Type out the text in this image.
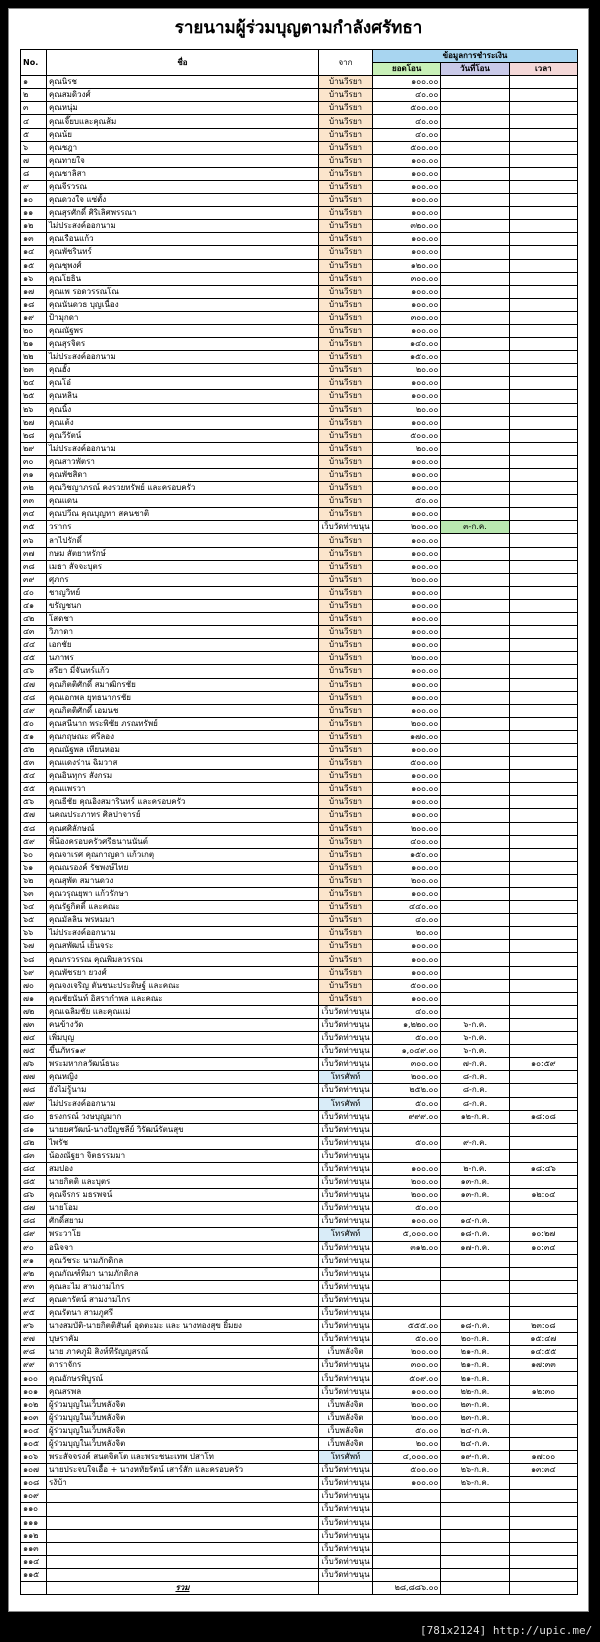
รายนามผู้ร่วมบุญตามกำลังศรัทธา
No.	ชื่อ	จาก	ข้อมูลการชำระเงิน		
			ยอดโอน	วันที่โอน	เวลา
๑	คุณนิรช	บ้านวีรยา	๑๐๐.๐๐		
๒	คุณสมดิวงศ์	บ้านวีรยา	๔๐.๐๐		
๓	คุณหนุ่ม	บ้านวีรยา	๕๐๐.๐๐		
๔	คุณเจี๊ยบและคุณส้ม	บ้านวีรยา	๔๐.๐๐		
๕	คุณน้ย	บ้านวีรยา	๔๐.๐๐		
๖	คุณชฎา	บ้านวีรยา	๕๐๐.๐๐		
๗	คุณทายใจ	บ้านวีรยา	๑๐๐.๐๐		
๘	คุณชาลิสา	บ้านวีรยา	๑๐๐.๐๐		
๙	คุณจีรวรณ	บ้านวีรยา	๑๐๐.๐๐		
๑๐	คุณดวงใจ แซ่ตั้ง	บ้านวีรยา	๑๐๐.๐๐		
๑๑	คุณสุรศักดิ์ ศิริเลิศพรรณา	บ้านวีรยา	๑๐๐.๐๐		
๑๒	ไม่ประสงค์ออกนาม	บ้านวีรยา	๓๒๐.๐๐		
๑๓	คุณเรือนแก้ว	บ้านวีรยา	๑๐๐.๐๐		
๑๔	คุณพัชรินทร์	บ้านวีรยา	๑๐๐.๐๐		
๑๕	คุณชุพงศ์	บ้านวีรยา	๑๒๐.๐๐		
๑๖	คุณโยธิน	บ้านวีรยา	๓๐๐.๐๐		
๑๗	คุณเพ รอดวรรณโณ	บ้านวีรยา	๑๐๐.๐๐		
๑๘	คุณนันดวธ บุญเนื่อง	บ้านวีรยา	๑๐๐.๐๐		
๑๙	ป้ามุกดา	บ้านวีรยา	๓๐๐.๐๐		
๒๐	คุณณัฐพร	บ้านวีรยา	๑๐๐.๐๐		
๒๑	คุณสุรจิตร	บ้านวีรยา	๑๔๐.๐๐		
๒๒	ไม่ประสงค์ออกนาม	บ้านวีรยา	๑๕๐.๐๐		
๒๓	คุณฮั้ง	บ้านวีรยา	๒๐.๐๐		
๒๔	คุณโอ๋	บ้านวีรยา	๑๐๐.๐๐		
๒๕	คุณหลิน	บ้านวีรยา	๑๐๐.๐๐		
๒๖	คุณนิ้ง	บ้านวีรยา	๒๐.๐๐		
๒๗	คุณเต้ง	บ้านวีรยา	๑๐๐.๐๐		
๒๘	คุณวีรัตน์	บ้านวีรยา	๕๐๐.๐๐		
๒๙	ไม่ประสงค์ออกนาม	บ้านวีรยา	๒๐.๐๐		
๓๐	คุณสาวพัตรา	บ้านวีรยา	๑๐๐.๐๐		
๓๑	คุณพัชสิดา	บ้านวีรยา	๑๐๐.๐๐		
๓๒	คุณวิชญาภรณ์ คงรวยทรัพย์ และครอบครัว	บ้านวีรยา	๑๐๐.๐๐		
๓๓	คุณแดน	บ้านวีรยา	๕๐.๐๐		
๓๔	คุณปวีณ คุณบุญทา สคนชาติ	บ้านวีรยา	๑๐๐.๐๐		
๓๕	วรากร	เว็บวัดท่าขนุน	๒๐๐.๐๐	๓-ก.ค.	
๓๖	ลาไปรักดิ์	บ้านวีรยา	๑๐๐.๐๐		
๓๗	กษม สัตยาหรักษ์	บ้านวีรยา	๑๐๐.๐๐		
๓๘	เมธา สัจจะบุตร	บ้านวีรยา	๑๐๐.๐๐		
๓๙	ศุภกร	บ้านวีรยา	๒๐๐.๐๐		
๔๐	ชาญวิทย์	บ้านวีรยา	๑๐๐.๐๐		
๔๑	ขรัญชนก	บ้านวีรยา	๑๐๐.๐๐		
๔๒	โสดชา	บ้านวีรยา	๑๐๐.๐๐		
๔๓	วิภาดา	บ้านวีรยา	๑๐๐.๐๐		
๔๔	เอกชัย	บ้านวีรยา	๑๐๐.๐๐		
๔๕	นภาพร	บ้านวีรยา	๒๐๐.๐๐		
๔๖	สรียา มี่จันทร์แก้ว	บ้านวีรยา	๑๐๐.๐๐		
๔๗	คุณกิตติศักดิ์ สมาฒิกรชัย	บ้านวีรยา	๑๐๐.๐๐		
๔๘	คุณเอกพล ยุทธนากรชัย	บ้านวีรยา	๑๐๐.๐๐		
๔๙	คุณกิตติศักดิ์ เอมนช	บ้านวีรยา	๑๐๐.๐๐		
๕๐	คุณสนีนาก พระพิชัย ภรณทรัพย์	บ้านวีรยา	๒๐๐.๐๐		
๕๑	คุณกฤษณะ ศรีลอง	บ้านวีรยา	๑๗๐.๐๐		
๕๒	คุณณัฐพล เทียนหอม	บ้านวีรยา	๑๐๐.๐๐		
๕๓	คุณแดงร่าน ฉิมวาส	บ้านวีรยา	๕๐๐.๐๐		
๕๔	คุณอินทุกร สังกรม	บ้านวีรยา	๑๐๐.๐๐		
๕๕	คุณแพรวา	บ้านวีรยา	๑๐๐.๐๐		
๕๖	คุณธีชัย คุณอิงสมารินทร์ และครอบครัว	บ้านวีรยา	๑๐๐.๐๐		
๕๗	นคณประภาทร ศิลปาจารย์	บ้านวีรยา	๑๐๐.๐๐		
๕๘	คุณศศิลักษณ์	บ้านวีรยา	๒๐๐.๐๐		
๕๙	พี่น้องครอบครัวศรีธนานนันต์	บ้านวีรยา	๔๐๐.๐๐		
๖๐	คุณจาเรศ คุณกาญดา แก้วเกตุ	บ้านวีรยา	๑๕๐.๐๐		
๖๑	คุณณรองค์ รัชพงษ์ไทย	บ้านวีรยา	๑๐๐.๐๐		
๖๒	คุณสุพัต สมานดวง	บ้านวีรยา	๒๐๐.๐๐		
๖๓	คุณวรุณยุพา แก้วรักษา	บ้านวีรยา	๑๐๐.๐๐		
๖๔	คุณรัฐกิตติ์ และคณะ	บ้านวีรยา	๔๔๐.๐๐		
๖๕	คุณมัลลิน พรหมมา	บ้านวีรยา	๔๐.๐๐		
๖๖	ไม่ประสงค์ออกนาม	บ้านวีรยา	๒๐.๐๐		
๖๗	คุณสพัฒน์ เย็นจระ	บ้านวีรยา	๑๐๐.๐๐		
๖๘	คุณกรวรรณ คุณพิมลวรรณ	บ้านวีรยา	๑๐๐.๐๐		
๖๙	คุณพัชรยา ยวงศ์	บ้านวีรยา	๑๐๐.๐๐		
๗๐	คุณจงเจริญ ตันชนะประดิษฐ์ และคณะ	บ้านวีรยา	๕๐๐.๐๐		
๗๑	คุณชัยนันท์ อิสรากำพล และคณะ	บ้านวีรยา	๑๐๐.๐๐		
๗๒	คุณเฉลิมชัย และคุณแม่	เว็บวัดท่าขนุน	๔๐.๐๐		
๗๓	คนข้างวัด	เว็บวัดท่าขนุน	๑,๒๒๐.๐๐	๖-ก.ค.	
๗๔	เพิ่มบุญ	เว็บวัดท่าขนุน	๕๐.๐๐	๖-ก.ค.	
๗๕	ขึ้นภัทร๑๙	เว็บวัดท่าขนุน	๑,๐๔๙.๐๐	๖-ก.ค.	
๗๖	พระมหากลวัฒน์ธนะ	เว็บวัดท่าขนุน	๓๐๐.๐๐	๗-ก.ค.	๑๐:๕๙
๗๗	คุณหญิง	โทรศัพท์	๒๐๐.๐๐	๘-ก.ค.	
๗๘	ยังไม่รู้นาม	เว็บวัดท่าขนุน	๒๕๒.๐๐	๘-ก.ค.	
๗๙	ไม่ประสงค์ออกนาม	โทรศัพท์	๕๐.๐๐	๘-ก.ค.	
๘๐	ธรงกรณ์ วงษบุญมาก	เว็บวัดท่าขนุน	๙๙๙.๐๐	๑๒-ก.ค.	๑๘:๐๘
๘๑	นายยศวัฒน์-นางปัญชลีย์ วิรัฒน์รัตนสุข	เว็บวัดท่าขนุน			
๘๒	ไพรัช	เว็บวัดท่าขนุน	๕๐.๐๐	๙-ก.ค.	
๘๓	น้องณัฐยา จิตธรรมมา	เว็บวัดท่าขนุน			
๘๔	สมปอง	เว็บวัดท่าขนุน	๑๐๐.๐๐	๒-ก.ค.	๑๘:๔๖
๘๕	นายกิตติ และบุตร	เว็บวัดท่าขนุน	๒๐๐.๐๐	๑๓-ก.ค.	
๘๖	คุณจีรกร มธรพจน์	เว็บวัดท่าขนุน	๒๐๐.๐๐	๑๓-ก.ค.	๑๒:๐๔
๘๗	นายโอม	เว็บวัดท่าขนุน	๕๐.๐๐		
๘๘	ศักดิ์สยาม	เว็บวัดท่าขนุน	๑๐๐.๐๐	๑๔-ก.ค.	
๘๙	พระวาโย	โทรศัพท์	๕,๐๐๐.๐๐	๑๘-ก.ค.	๑๐:๒๗
๙๐	อนิจจา	เว็บวัดท่าขนุน	๓๑๒.๐๐	๑๗-ก.ค.	๑๐:๓๔
๙๑	คุณวัชระ นามภักดิกล	เว็บวัดท่าขนุน			
๙๒	คุณกัณฑ์ทิมา นามภักดิกล	เว็บวัดท่าขนุน			
๙๓	คุณละไม สามงามไกร	เว็บวัดท่าขนุน			
๙๔	คุณดารัตน์ สามงามไกร	เว็บวัดท่าขนุน			
๙๕	คุณรัตนา สามภูศรี	เว็บวัดท่าขนุน			
๙๖	นางสมบัติ-นายกิตติสันต์ อุดตะมะ และ นางทองสุข ยิ้มยง	เว็บวัดท่าขนุน	๕๕๕.๐๐	๑๘-ก.ค.	๒๓:๐๘
๙๗	บุษราคัม	เว็บวัดท่าขนุน	๕๐.๐๐	๒๐-ก.ค.	๑๕:๔๗
๙๘	นาย ภาคภูมิ สิงห์ทีรัญญสรณ์	เว็บพลังจิต	๒๐๐.๐๐	๒๑-ก.ค.	๑๔:๕๕
๙๙	ดาราจักร	เว็บวัดท่าขนุน	๓๐๐.๐๐	๒๑-ก.ค.	๑๗:๓๓
๑๐๐	คุณอักษรพิบูรณ์	เว็บวัดท่าขนุน	๕๐๙.๐๐	๒๑-ก.ค.	
๑๐๑	คุณสรพล	เว็บวัดท่าขนุน	๑๐๐.๐๐	๒๒-ก.ค.	๑๒:๓๐
๑๐๒	ผู้ร่วมบุญในเว็บพลังจิต	เว็บพลังจิต	๒๐๐.๐๐	๒๓-ก.ค.	
๑๐๓	ผู้ร่วมบุญในเว็บพลังจิต	เว็บพลังจิต	๒๐๐.๐๐	๒๓-ก.ค.	
๑๐๔	ผู้ร่วมบุญในเว็บพลังจิต	เว็บพลังจิต	๕๐.๐๐	๒๔-ก.ค.	
๑๐๕	ผู้ร่วมบุญในเว็บพลังจิต	เว็บพลังจิต	๒๐.๐๐	๒๔-ก.ค.	
๑๐๖	พระสัจจรงค์ สนตจิตโต และพระชนะเทพ ปสาโท	โทรศัพท์	๔,๐๐๐.๐๐	๑๙-ก.ค.	๑๗:๐๐
๑๐๗	นายประจบใจเอื้อ + นางหทัยรัตน์ เสาร์สัก และครอบครัว	เว็บวัดท่าขนุน	๕๐๐.๐๐	๒๖-ก.ค.	๑๓:๓๔
๑๐๘	รงับ้า	เว็บวัดท่าขนุน	๑๐๐.๐๐	๒๖-ก.ค.	
๑๐๙		เว็บวัดท่าขนุน			
๑๑๐		เว็บวัดท่าขนุน			
๑๑๑		เว็บวัดท่าขนุน			
๑๑๒		เว็บวัดท่าขนุน			
๑๑๓		เว็บวัดท่าขนุน			
๑๑๔		เว็บวัดท่าขนุน			
๑๑๕		เว็บวัดท่าขนุน			
	รวม		๒๘,๘๘๖.๐๐		
[781x2124] http://upic.me/
